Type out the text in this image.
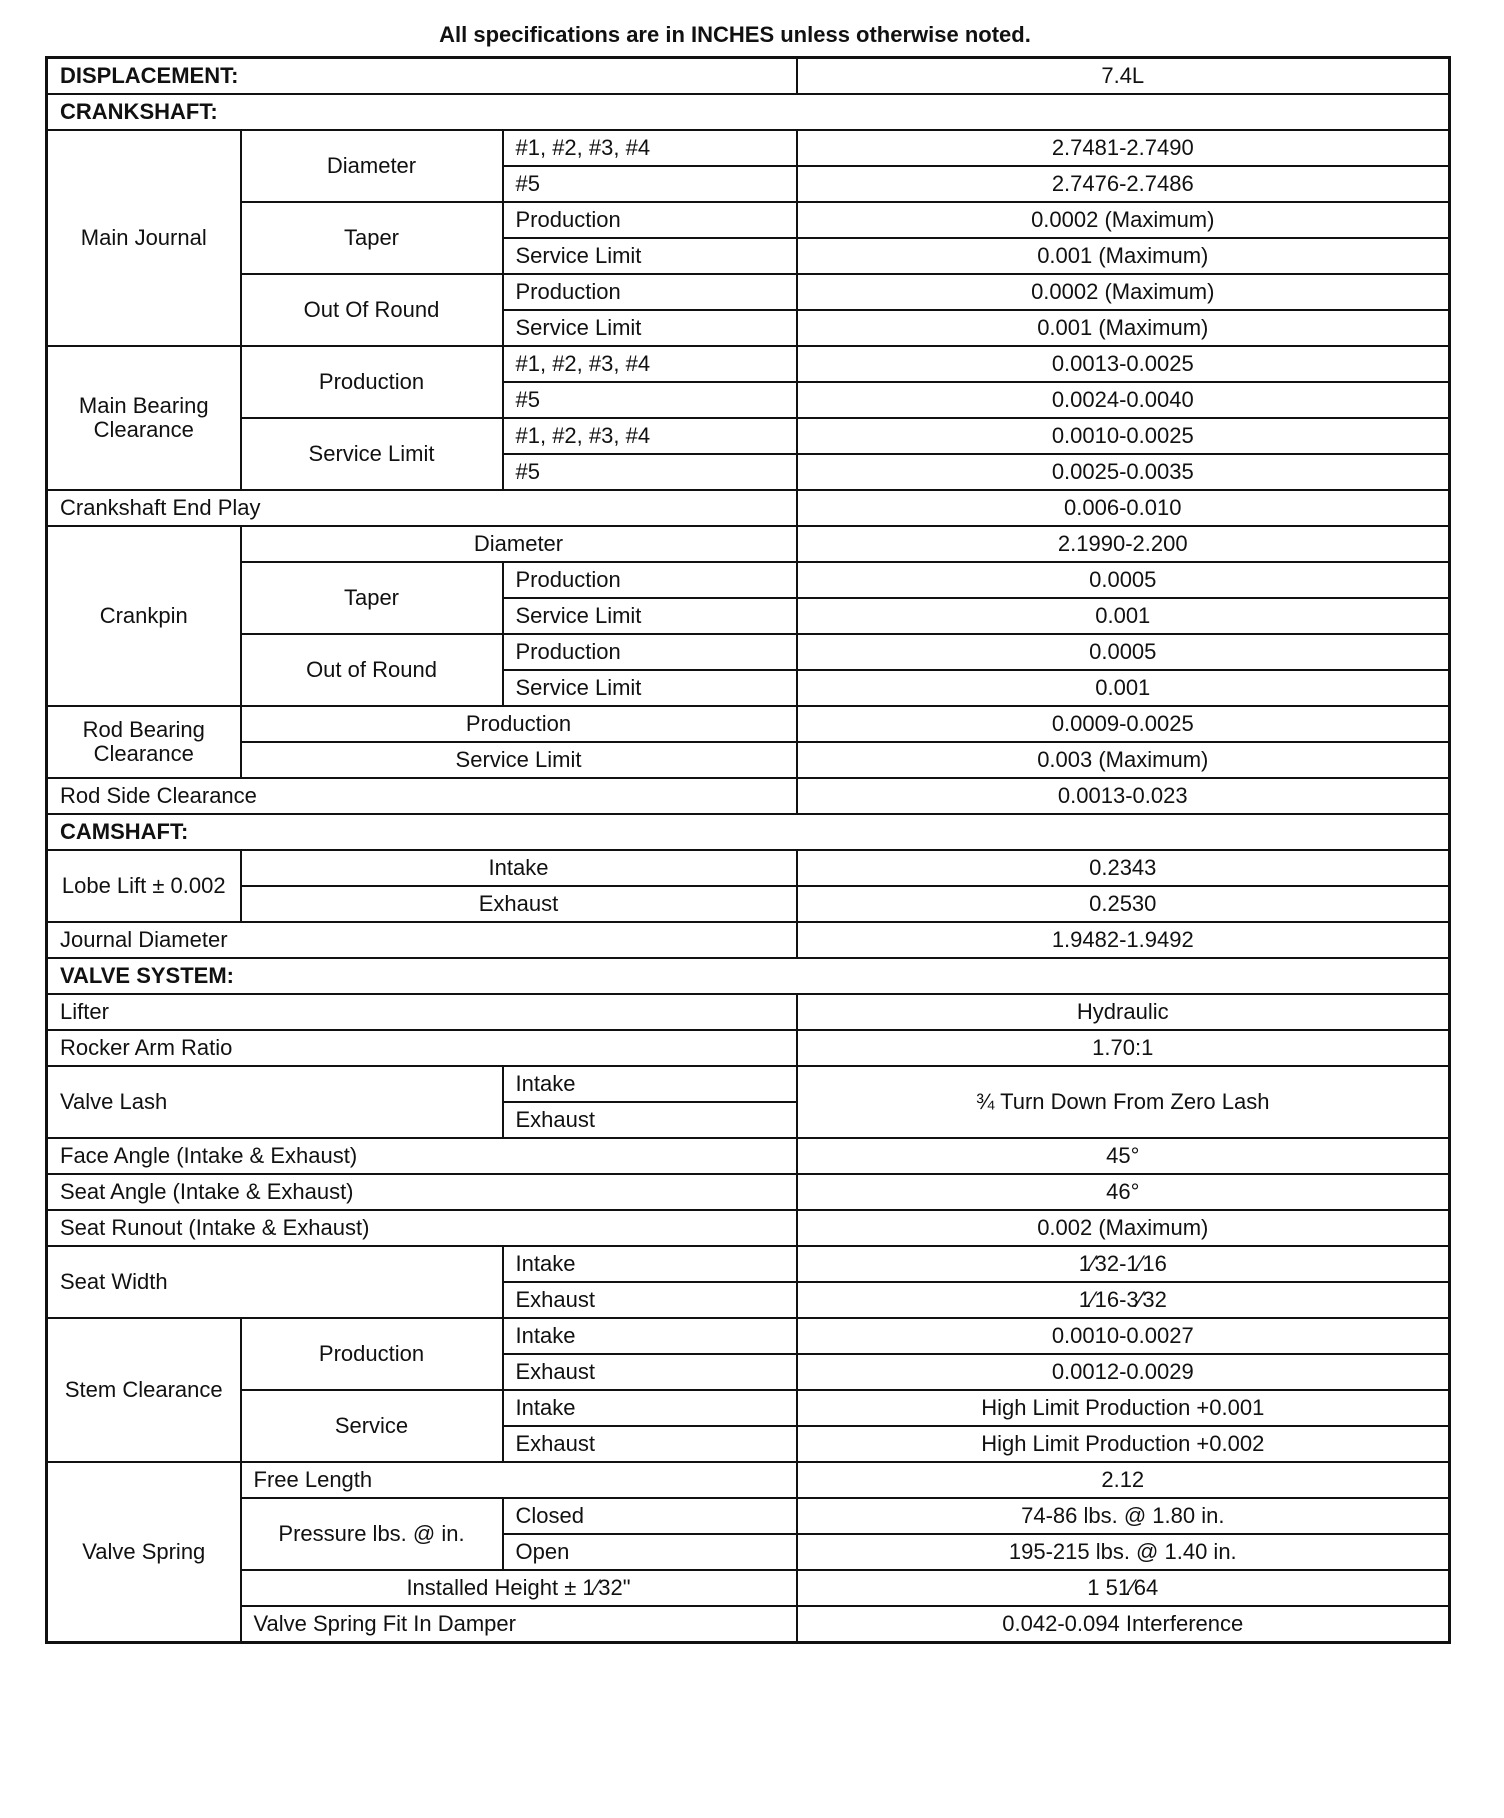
All specifications are in INCHES unless otherwise noted.
DISPLACEMENT:			7.4L
CRANKSHAFT:			
Main Journal	Diameter	#1, #2, #3, #4	2.7481-2.7490
		#5	2.7476-2.7486
	Taper	Production	0.0002 (Maximum)
		Service Limit	0.001 (Maximum)
	Out Of Round	Production	0.0002 (Maximum)
		Service Limit	0.001 (Maximum)
Main Bearing Clearance	Production	#1, #2, #3, #4	0.0013-0.0025
		#5	0.0024-0.0040
	Service Limit	#1, #2, #3, #4	0.0010-0.0025
		#5	0.0025-0.0035
Crankshaft End Play			0.006-0.010
Crankpin	Diameter		2.1990-2.200
	Taper	Production	0.0005
		Service Limit	0.001
	Out of Round	Production	0.0005
		Service Limit	0.001
Rod Bearing Clearance	Production		0.0009-0.0025
	Service Limit		0.003 (Maximum)
Rod Side Clearance			0.0013-0.023
CAMSHAFT:			
Lobe Lift ± 0.002	Intake		0.2343
	Exhaust		0.2530
Journal Diameter			1.9482-1.9492
VALVE SYSTEM:			
Lifter			Hydraulic
Rocker Arm Ratio			1.70:1
Valve Lash		Intake	¾ Turn Down From Zero Lash
		Exhaust	
Face Angle (Intake & Exhaust)			45°
Seat Angle (Intake & Exhaust)			46°
Seat Runout (Intake & Exhaust)			0.002 (Maximum)
Seat Width		Intake	1⁄32-1⁄16
		Exhaust	1⁄16-3⁄32
Stem Clearance	Production	Intake	0.0010-0.0027
		Exhaust	0.0012-0.0029
	Service	Intake	High Limit Production +0.001
		Exhaust	High Limit Production +0.002
Valve Spring	Free Length		2.12
	Pressure lbs. @ in.	Closed	74-86 lbs. @ 1.80 in.
		Open	195-215 lbs. @ 1.40 in.
	Installed Height ± 1⁄32"		1 51⁄64
	Valve Spring Fit In Damper		0.042-0.094 Interference
